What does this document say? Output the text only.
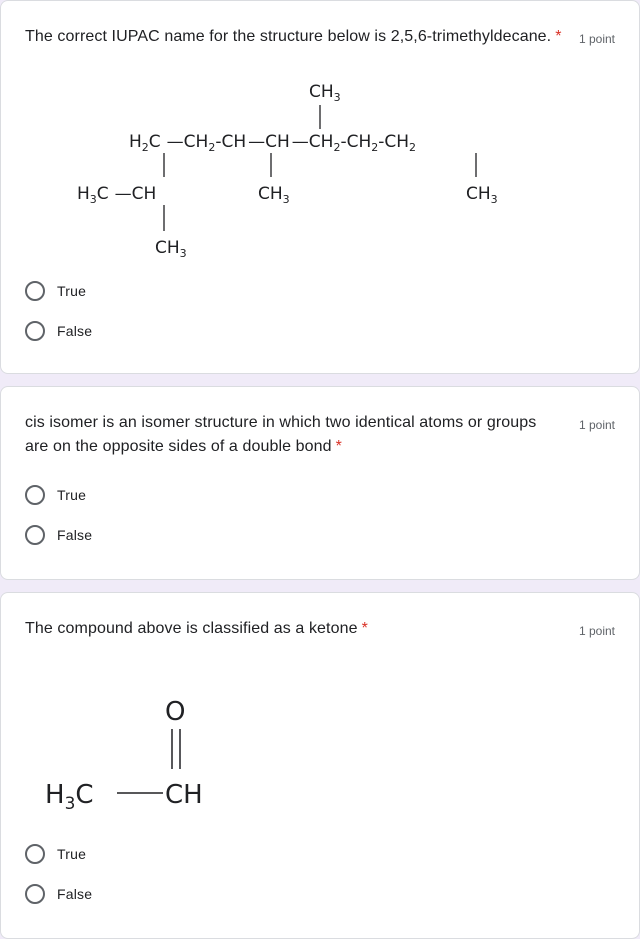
The correct IUPAC name for the structure below is 2,5,6-trimethyldecane. * 1 point
$CH_3$
$H_2C$ $—CH_2-CH$ —CH $—CH_2-CH_2-CH_2$
$H_3C$ —CH	$CH_3$	$CH_3$
$CH_3$
True
False
cis isomer is an isomer structure in which two identical atoms or groups
are on the opposite sides of a double bond *
1 point
True
False
The compound above is classified as a ketone *	1 point
O
$H_3C$	CH
True
False
